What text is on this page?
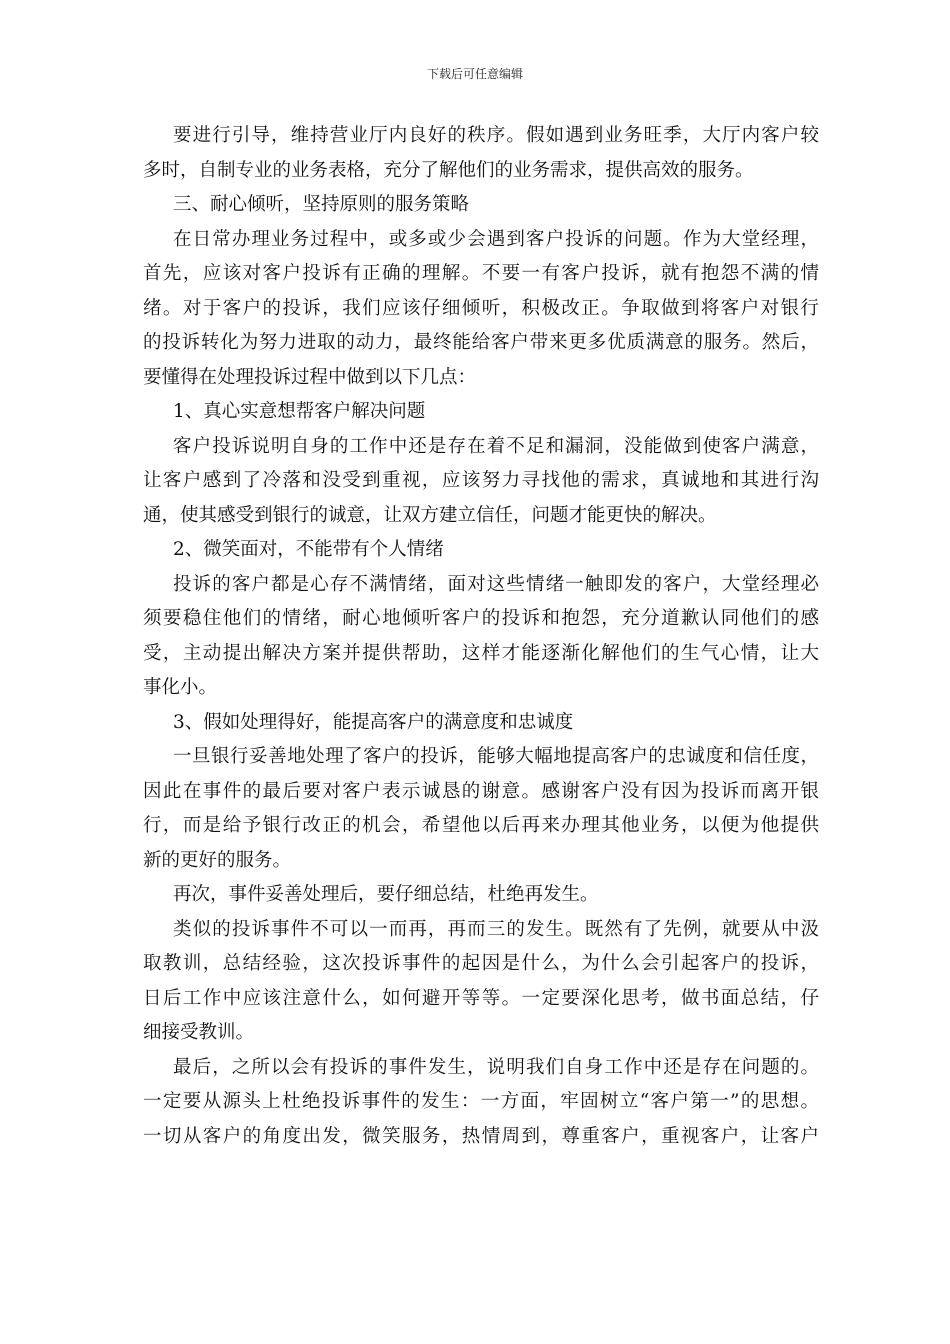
下载后可任意编辑
要进行引导，维持营业厅内良好的秩序。假如遇到业务旺季，大厅内客户较
多时，自制专业的业务表格，充分了解他们的业务需求，提供高效的服务。
三、耐心倾听，坚持原则的服务策略
在日常办理业务过程中，或多或少会遇到客户投诉的问题。作为大堂经理，
首先，应该对客户投诉有正确的理解。不要一有客户投诉，就有抱怨不满的情
绪。对于客户的投诉，我们应该仔细倾听，积极改正。争取做到将客户对银行
的投诉转化为努力进取的动力，最终能给客户带来更多优质满意的服务。然后，
要懂得在处理投诉过程中做到以下几点：
1、真心实意想帮客户解决问题
客户投诉说明自身的工作中还是存在着不足和漏洞，没能做到使客户满意，
让客户感到了冷落和没受到重视，应该努力寻找他的需求，真诚地和其进行沟
通，使其感受到银行的诚意，让双方建立信任，问题才能更快的解决。
2、微笑面对，不能带有个人情绪
投诉的客户都是心存不满情绪，面对这些情绪一触即发的客户，大堂经理必
须要稳住他们的情绪，耐心地倾听客户的投诉和抱怨，充分道歉认同他们的感
受，主动提出解决方案并提供帮助，这样才能逐渐化解他们的生气心情，让大
事化小。
3、假如处理得好，能提高客户的满意度和忠诚度
一旦银行妥善地处理了客户的投诉，能够大幅地提高客户的忠诚度和信任度，
因此在事件的最后要对客户表示诚恳的谢意。感谢客户没有因为投诉而离开银
行，而是给予银行改正的机会，希望他以后再来办理其他业务，以便为他提供
新的更好的服务。
再次，事件妥善处理后，要仔细总结，杜绝再发生。
类似的投诉事件不可以一而再，再而三的发生。既然有了先例，就要从中汲
取教训，总结经验，这次投诉事件的起因是什么，为什么会引起客户的投诉，
日后工作中应该注意什么，如何避开等等。一定要深化思考，做书面总结，仔
细接受教训。
最后，之所以会有投诉的事件发生，说明我们自身工作中还是存在问题的。
一定要从源头上杜绝投诉事件的发生：一方面，牢固树立“客户第一”的思想。
一切从客户的角度出发，微笑服务，热情周到，尊重客户，重视客户，让客户
